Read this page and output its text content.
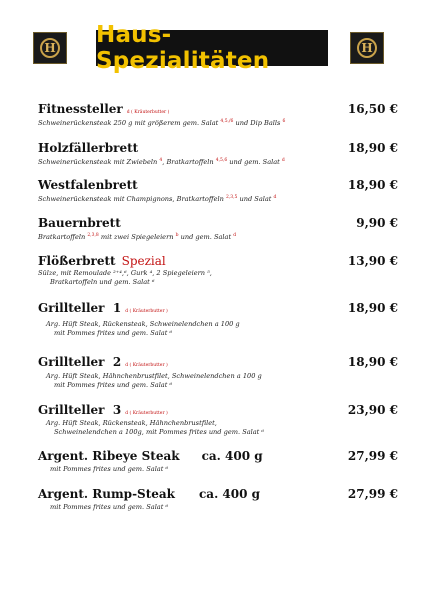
H Haus-Spezialitäten	H
Fitnessteller d ( Kräuterbutter )	16,50 €
Schweinerückensteak 250 g mit größerem gem. Salat $^{4,5,/6}$ und Dip Balls $^6$
Holzfällerbrett	18,90 €
Schweinerückensteak mit Zwiebeln $^4$, Bratkartoffeln $^{4,5,6}$ und gem. Salat $^d$
Westfalenbrett	18,90 €
Schweinerückensteak mit Champignons, Bratkartoffeln $^{2,3,5}$ und Salat $^d$
Bauernbrett	9,90 €
Bratkartoffeln $^{2,3,8}$ mit zwei Spiegeleiern $^b$ und gem. Salat $^d$
Flößerbrett Spezial	13,90 €
Sülze, mit Remoulade ²⁺⁴,⁶, Gurk ⁴, 2 Spiegeleiern ⁵,
Bratkartoffeln und gem. Salat ⁶
Grillteller  1 d ( Kräuterbutter )	18,90 €
Arg. Hüft Steak, Rückensteak, Schweinelendchen a 100 g
mit Pommes frites und gem. Salat ⁶
Grillteller  2 d ( Kräuterbutter )	18,90 €
Arg. Hüft Steak, Hähnchenbrustfilet, Schweinelendchen a 100 g
mit Pommes frites und gem. Salat ⁶
Grillteller  3 d ( Kräuterbutter )	23,90 €
Arg. Hüft Steak, Rückensteak, Hähnchenbrustfilet,
Schweinelendchen a 100g, mit Pommes frites und gem. Salat ⁶
Argent. Ribeye Steak ca. 400 g	27,99 €
mit Pommes frites und gem. Salat ⁶
Argent. Rump-Steak ca. 400 g	27,99 €
mit Pommes frites und gem. Salat ⁶
